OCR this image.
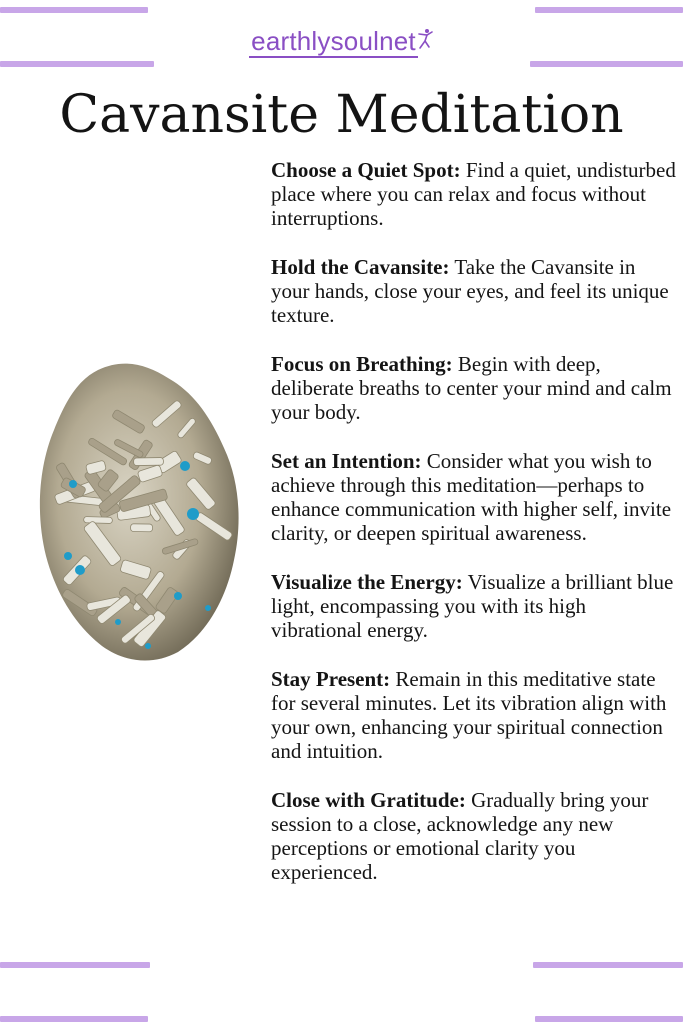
earthlysoulnet
Cavansite Meditation
Choose a Quiet Spot: Find a quiet, undisturbed place where you can relax and focus without interruptions.
Hold the Cavansite: Take the Cavansite in your hands, close your eyes, and feel its unique texture.
Focus on Breathing: Begin with deep, deliberate breaths to center your mind and calm your body.
Set an Intention: Consider what you wish to achieve through this meditation—perhaps to enhance communication with higher self, invite clarity, or deepen spiritual awareness.
Visualize the Energy: Visualize a brilliant blue light, encompassing you with its high vibrational energy.
Stay Present: Remain in this meditative state for several minutes. Let its vibration align with your own, enhancing your spiritual connection and intuition.
Close with Gratitude: Gradually bring your session to a close, acknowledge any new perceptions or emotional clarity you experienced.
